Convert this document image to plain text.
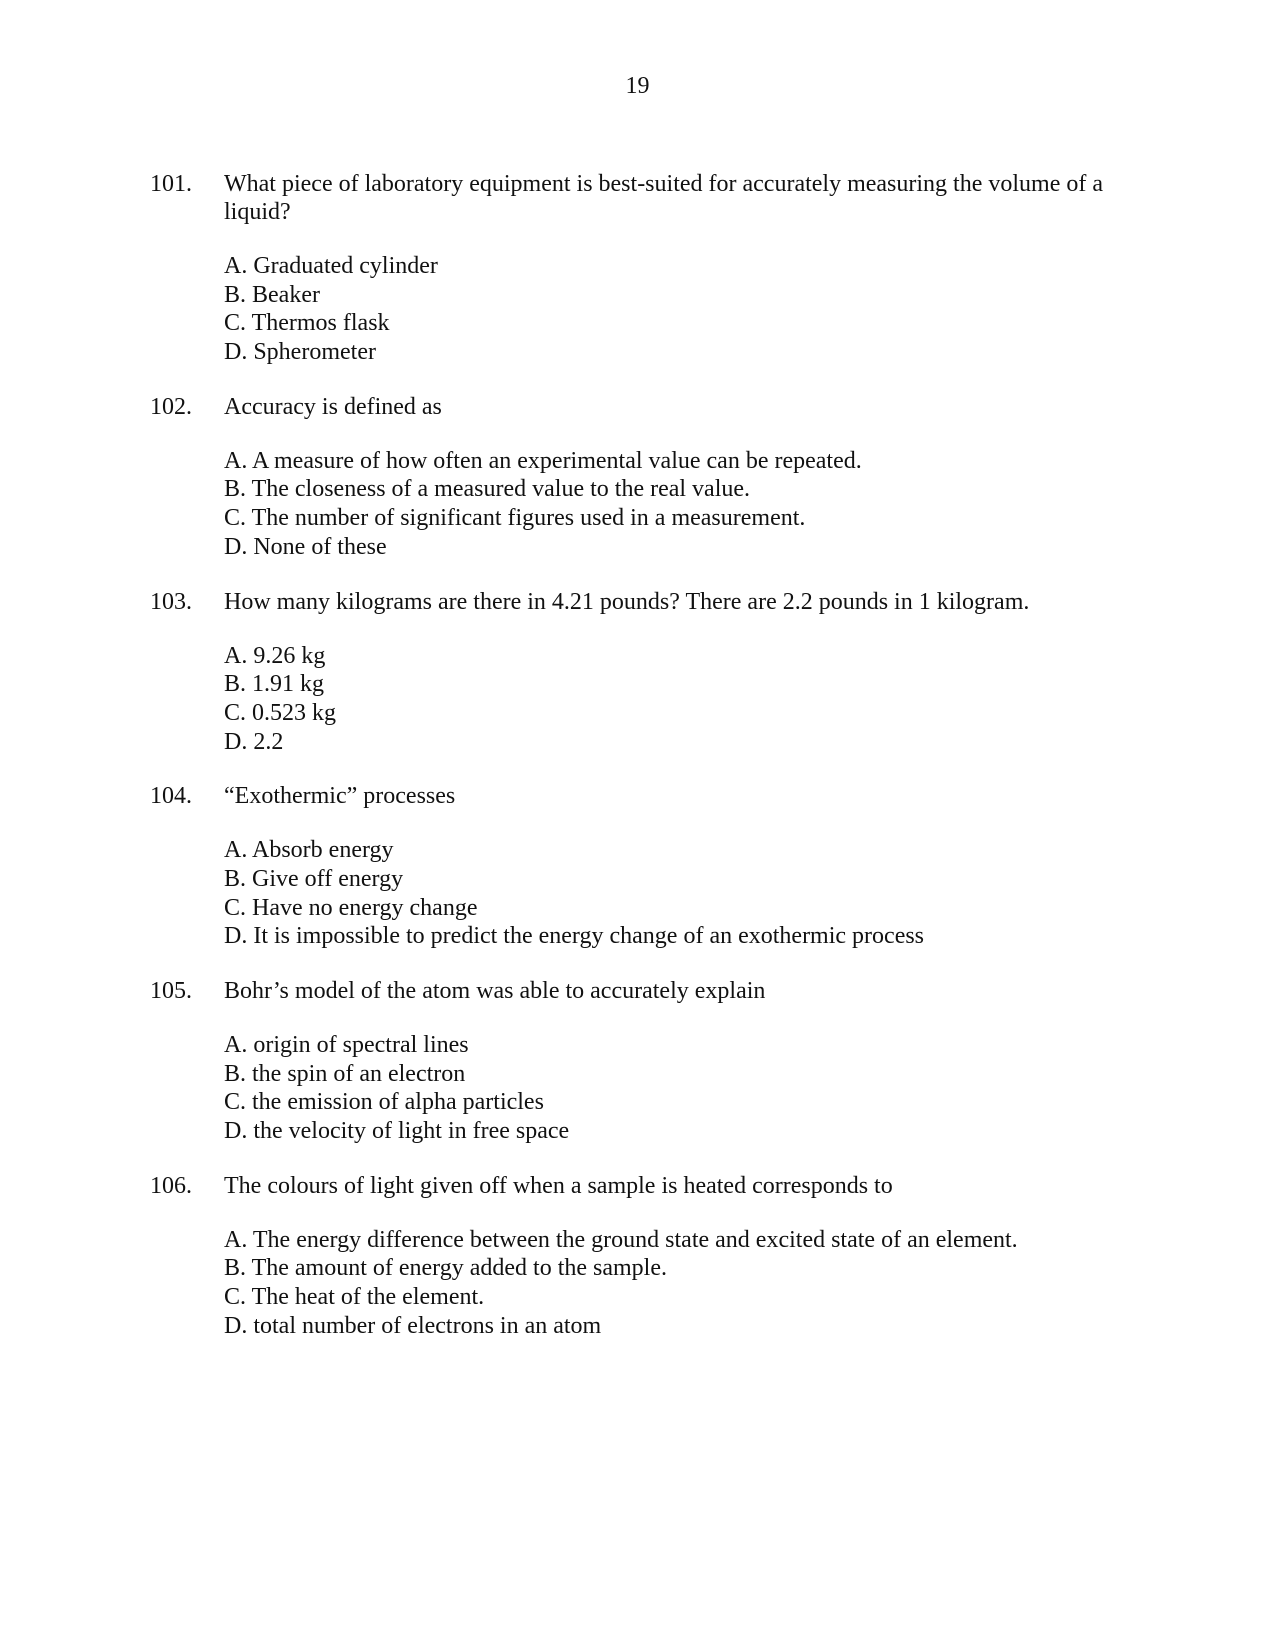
19
101.	What piece of laboratory equipment is best-suited for accurately measuring the volume of a liquid?
A. Graduated cylinder
B. Beaker
C. Thermos flask
D. Spherometer
102.	Accuracy is defined as
A. A measure of how often an experimental value can be repeated.
B. The closeness of a measured value to the real value.
C. The number of significant figures used in a measurement.
D. None of these
103.	How many kilograms are there in 4.21 pounds? There are 2.2 pounds in 1 kilogram.
A. 9.26 kg
B. 1.91 kg
C. 0.523 kg
D. 2.2
104.	“Exothermic” processes
A. Absorb energy
B. Give off energy
C. Have no energy change
D. It is impossible to predict the energy change of an exothermic process
105.	Bohr’s model of the atom was able to accurately explain
A. origin of spectral lines
B. the spin of an electron
C. the emission of alpha particles
D. the velocity of light in free space
106.	The colours of light given off when a sample is heated corresponds to
A. The energy difference between the ground state and excited state of an element.
B. The amount of energy added to the sample.
C. The heat of the element.
D. total number of electrons in an atom
